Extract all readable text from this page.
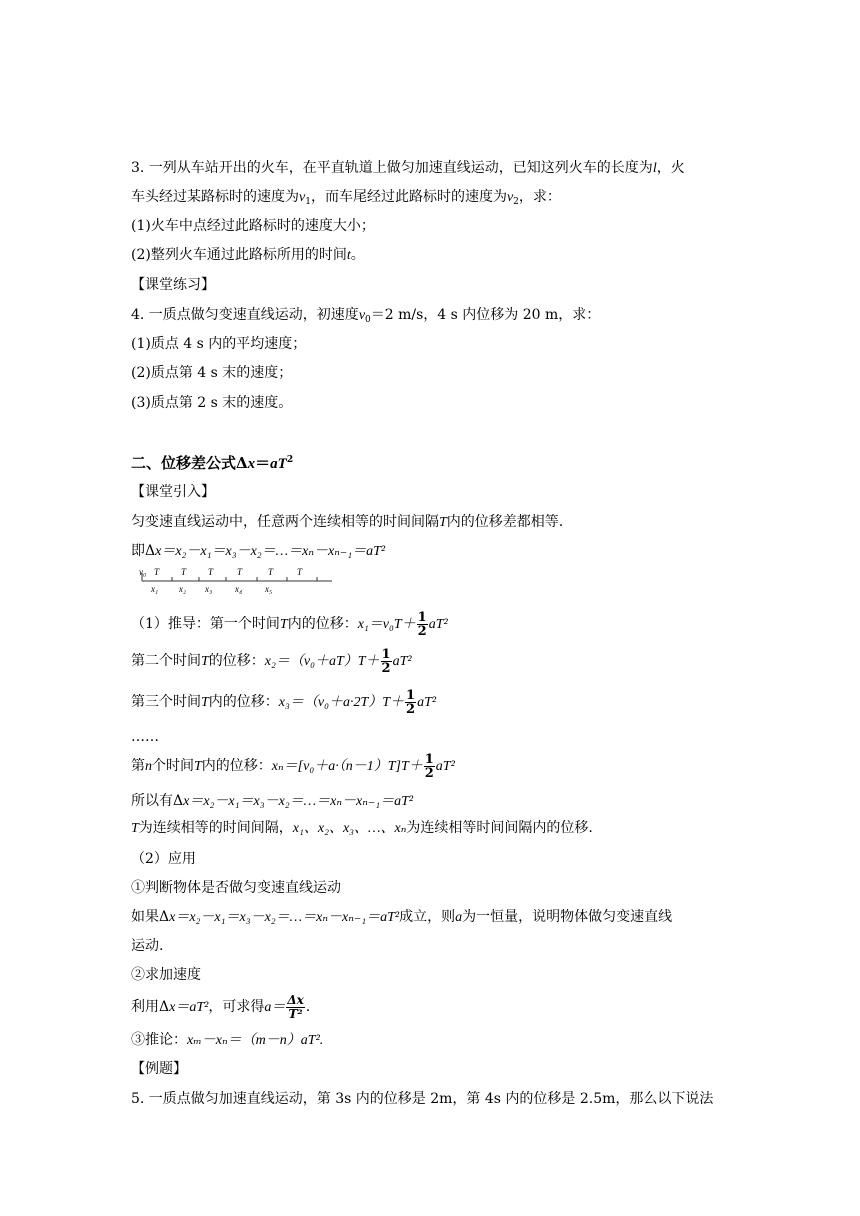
3. 一列从车站开出的火车，在平直轨道上做匀加速直线运动，已知这列火车的长度为l，火
车头经过某路标时的速度为$v_1$，而车尾经过此路标时的速度为$v_2$，求：
(1)火车中点经过此路标时的速度大小；
(2)整列火车通过此路标所用的时间t。
【课堂练习】
4. 一质点做匀变速直线运动，初速度$v_0=2$ m/s，4 s 内位移为 20 m，求：
(1)质点 4 s 内的平均速度；
(2)质点第 4 s 末的速度；
(3)质点第 2 s 末的速度。
二、位移差公式$\Delta x=aT^2$
【课堂引入】
匀变速直线运动中，任意两个连续相等的时间间隔T内的位移差都相等.
即Δx＝x₂－x₁＝x₃－x₂＝…＝xₙ－xₙ₋₁＝aT²
v₀ T T T	T	T	T
x₁ x₂ x₃	x₄	x₅
（1）推导：第一个时间T内的位移：$x_1=v_0T+ \frac{1}{2} aT^2$
第二个时间T的位移：$x_2=(v_0+aT)T+ \frac{1}{2} aT^2$
第三个时间T内的位移：$x_3=(v_0+a\cdot 2T)T+ \frac{1}{2} aT^2$
……
第n个时间T内的位移：$x_n=[v_0+a\cdot(n-1)T]T+ \frac{1}{2} aT^2$
所以有Δx＝x₂－x₁＝x₃－x₂＝…＝xₙ－xₙ₋₁＝aT²
T为连续相等的时间间隔，x₁、x₂、x₃、…、xₙ为连续相等时间间隔内的位移.
（2）应用
①判断物体是否做匀变速直线运动
如果Δx＝x₂－x₁＝x₃－x₂＝…＝xₙ－xₙ₋₁＝aT²成立，则a为一恒量，说明物体做匀变速直线
运动.
②求加速度
利用Δx＝aT²，可求得$a= \frac{\Delta x}{\text{T²}}$ .
③推论：xₘ－xₙ＝（m－n）aT².
【例题】
5. 一质点做匀加速直线运动，第 3s 内的位移是 2m，第 4s 内的位移是 2.5m，那么以下说法
